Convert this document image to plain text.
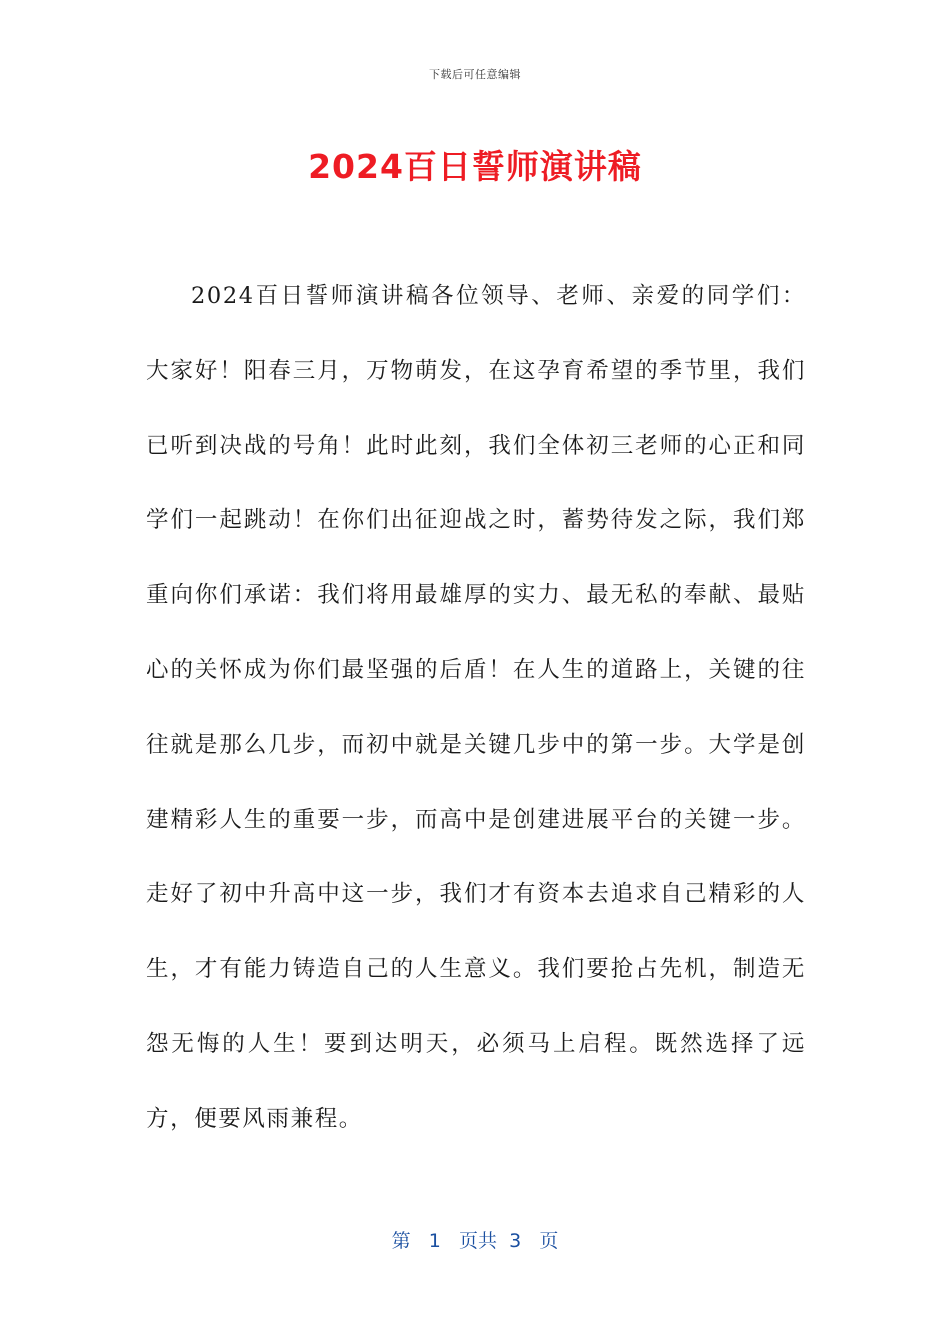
下载后可任意编辑
2024百日誓师演讲稿

2024百日誓师演讲稿各位领导、老师、亲爱的同学们：大家好！阳春三月，万物萌发，在这孕育希望的季节里，我们已听到决战的号角！此时此刻，我们全体初三老师的心正和同学们一起跳动！在你们出征迎战之时，蓄势待发之际，我们郑重向你们承诺：我们将用最雄厚的实力、最无私的奉献、最贴心的关怀成为你们最坚强的后盾！在人生的道路上，关键的往往就是那么几步，而初中就是关键几步中的第一步。大学是创建精彩人生的重要一步，而高中是创建进展平台的关键一步。走好了初中升高中这一步，我们才有资本去追求自己精彩的人生，才有能力铸造自己的人生意义。我们要抢占先机，制造无怨无悔的人生！要到达明天，必须马上启程。既然选择了远方，便要风雨兼程。

第 1 页共 3 页
